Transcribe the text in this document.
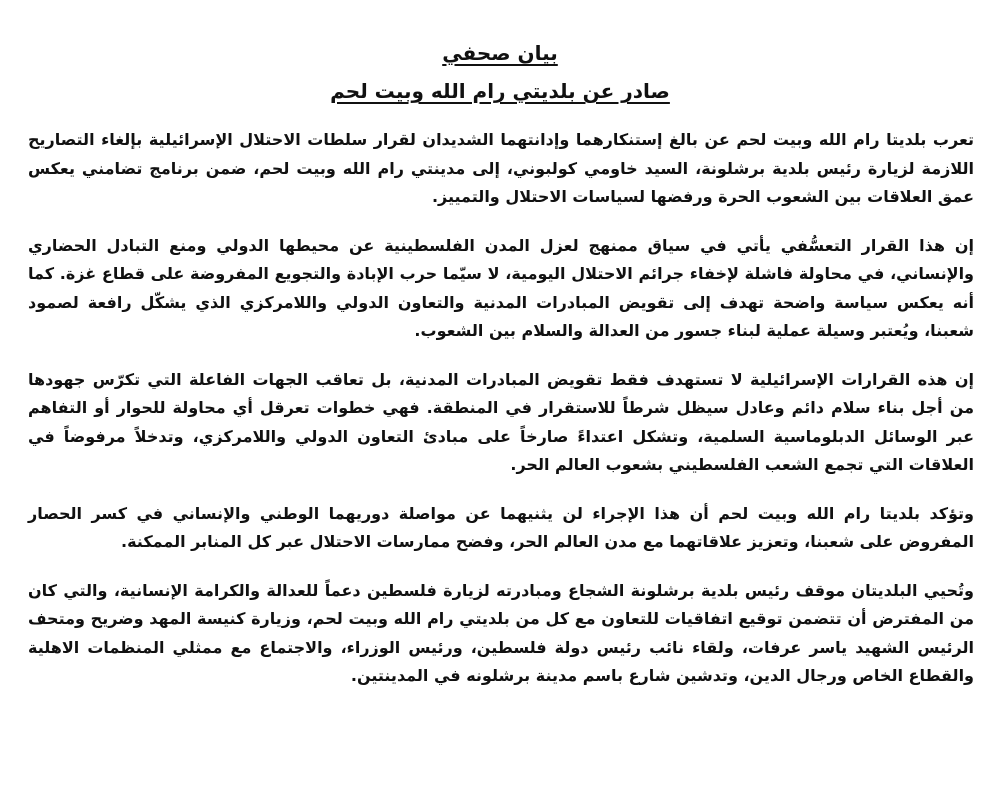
بيان صحفي
صادر عن بلديتي رام الله وبيت لحم

تعرب بلديتا رام الله وبيت لحم عن بالغ إستنكارهما وإدانتهما الشديدان لقرار سلطات الاحتلال الإسرائيلية بإلغاء التصاريح اللازمة لزيارة رئيس بلدية برشلونة، السيد خاومي كولبوني، إلى مدينتي رام الله وبيت لحم، ضمن برنامج تضامني يعكس عمق العلاقات بين الشعوب الحرة ورفضها لسياسات الاحتلال والتمييز.

إن هذا القرار التعسُّفي يأتي في سياق ممنهج لعزل المدن الفلسطينية عن محيطها الدولي ومنع التبادل الحضاري والإنساني، في محاولة فاشلة لإخفاء جرائم الاحتلال اليومية، لا سيّما حرب الإبادة والتجويع المفروضة على قطاع غزة. كما أنه يعكس سياسة واضحة تهدف إلى تقويض المبادرات المدنية والتعاون الدولي واللامركزي الذي يشكّل رافعة لصمود شعبنا، ويُعتبر وسيلة عملية لبناء جسور من العدالة والسلام بين الشعوب.

إن هذه القرارات الإسرائيلية لا تستهدف فقط تقويض المبادرات المدنية، بل تعاقب الجهات الفاعلة التي تكرّس جهودها من أجل بناء سلام دائم وعادل سيظل شرطاً للاستقرار في المنطقة. فهي خطوات تعرقل أي محاولة للحوار أو التفاهم عبر الوسائل الدبلوماسية السلمية، وتشكل اعتداءً صارخاً على مبادئ التعاون الدولي واللامركزي، وتدخلاً مرفوضاً في العلاقات التي تجمع الشعب الفلسطيني بشعوب العالم الحر.

وتؤكد بلديتا رام الله وبيت لحم أن هذا الإجراء لن يثنيهما عن مواصلة دوريهما الوطني والإنساني في كسر الحصار المفروض على شعبنا، وتعزيز علاقاتهما مع مدن العالم الحر، وفضح ممارسات الاحتلال عبر كل المنابر الممكنة.

وتُحيي البلديتان موقف رئيس بلدية برشلونة الشجاع ومبادرته لزيارة فلسطين دعماً للعدالة والكرامة الإنسانية، والتي كان من المفترض أن تتضمن توقيع اتفاقيات للتعاون مع كل من بلديتي رام الله وبيت لحم، وزيارة كنيسة المهد وضريح ومتحف الرئيس الشهيد ياسر عرفات، ولقاء نائب رئيس دولة فلسطين، ورئيس الوزراء، والاجتماع مع ممثلي المنظمات الاهلية والقطاع الخاص ورجال الدين، وتدشين شارع باسم مدينة برشلونه في المدينتين.
